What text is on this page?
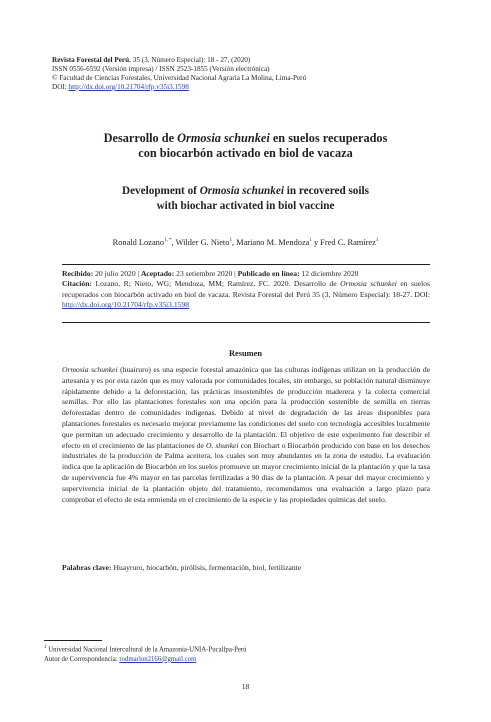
Revista Forestal del Perú, 35 (3, Número Especial): 18 - 27, (2020)
ISSN 0556-6592 (Versión impresa) / ISSN 2523-1855 (Versión electrónica)
© Facultad de Ciencias Forestales, Universidad Nacional Agraria La Molina, Lima-Perú
DOI: http://dx.doi.org/10.21704/rfp.v35i3.1598
Desarrollo de Ormosia schunkei en suelos recuperados
con biocarbón activado en biol de vacaza
Development of Ormosia schunkei in recovered soils
with biochar activated in biol vaccine
Ronald Lozano$^{1, *}$, Wilder G. Nieto$^1$, Mariano M. Mendoza$^1$ y Fred C. Ramírez$^1$
Recibido: 20 julio 2020 | Aceptado: 23 setiembre 2020 | Publicado en línea: 12 diciembre 2020
Citación: Lozano, R; Nieto, WG; Mendoza, MM; Ramírez, FC. 2020. Desarrollo de Ormosia schunkei en suelos recuperados con biocarbón activado en biol de vacaza. Revista Forestal del Perú 35 (3, Número Especial): 18-27. DOI: http://dx.doi.org/10.21704/rfp.v35i3.1598
Resumen
Ormosia schunkei (huairuro) es una especie forestal amazónica que las culturas indígenas utilizan en la producción de artesanía y es por esta razón que es muy valorada por comunidades locales, sin embargo, su población natural disminuye rápidamente debido a la deforestación, las prácticas insostenibles de producción maderera y la colecta comercial semillas. Por ello las plantaciones forestales son una opción para la producción sostenible de semilla en tierras deforestadas dentro de comunidades indígenas. Debido al nivel de degradación de las áreas disponibles para plantaciones forestales es necesario mejorar previamente las condiciones del suelo con tecnología accesibles localmente que permitan un adecuado crecimiento y desarrollo de la plantación. El objetivo de este experimento fue describir el efecto en el crecimiento de las plantaciones de O. shunkei con Biochart o Biocarbón producido con base en los desechos industriales de la producción de Palma aceitera, los cuales son muy abundantes en la zona de estudio. La evaluación indica que la aplicación de Biocarbón en los suelos promueve un mayor crecimiento inicial de la plantación y que la tasa de supervivencia fue 4% mayor en las parcelas fertilizadas a 90 días de la plantación. A pesar del mayor crecimiento y supervivencia inicial de la plantación objeto del tratamiento, recomendamos una evaluación a largo plazo para comprobar el efecto de esta enmienda en el crecimiento de la especie y las propiedades químicas del suelo.
Palabras clave: Huayruro, biocarbón, pirólisis, fermentación, biol, fertilizante
$^1$ Universidad Nacional Intercultural de la Amazonia-UNIA-Pucallpa-Perú
Autor de Correspondencia: rodmarlon2166@gmail.com
18
